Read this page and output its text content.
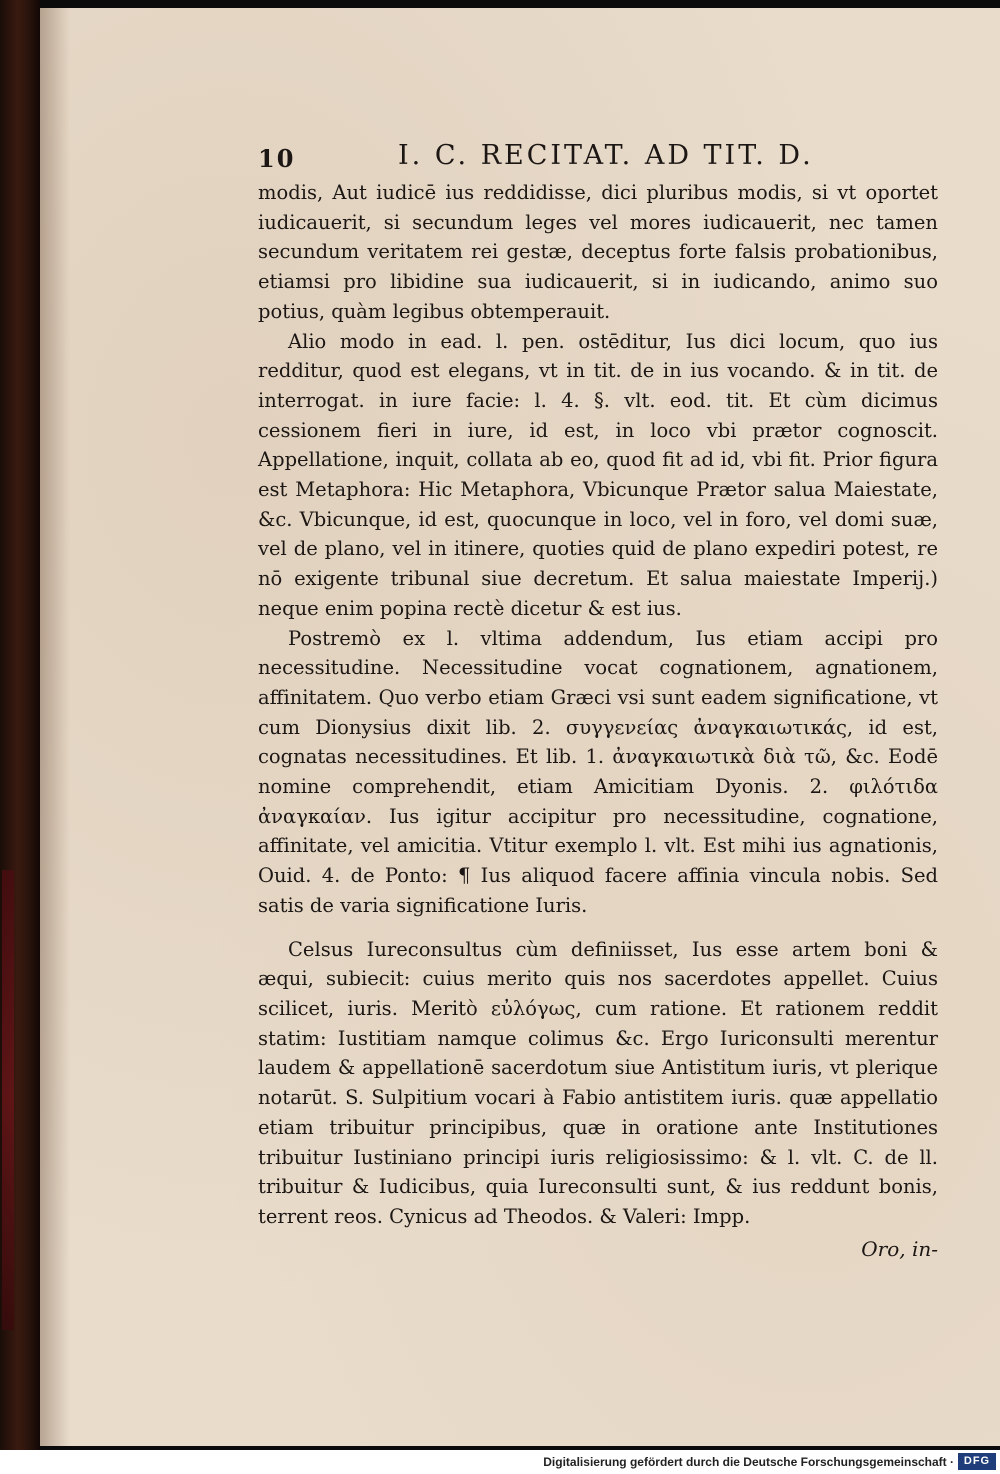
10	I. C. RECITAT. AD TIT. D.

modis, Aut iudicē ius reddidisse, dici pluribus modis, si vt oportet iudicauerit, si secundum leges vel mores iudicauerit, nec tamen secundum veritatem rei gestæ, deceptus forte falsis probationibus, etiamsi pro libidine sua iudicauerit, si in iudicando, animo suo potius, quàm legibus obtemperauit.

Alio modo in ead. l. pen. ostēditur, Ius dici locum, quo ius redditur, quod est elegans, vt in tit. de in ius vocando. & in tit. de interrogat. in iure facie: l. 4. §. vlt. eod. tit. Et cùm dicimus cessionem fieri in iure, id est, in loco vbi prætor cognoscit. Appellatione, inquit, collata ab eo, quod fit ad id, vbi fit. Prior figura est Metaphora: Hic Metaphora, Vbicunque Prætor salua Maiestate, &c. Vbicunque, id est, quocunque in loco, vel in foro, vel domi suæ, vel de plano, vel in itinere, quoties quid de plano expediri potest, re nō exigente tribunal siue decretum. Et salua maiestate Imperij.) neque enim popina rectè dicetur & est ius.

Postremò ex l. vltima addendum, Ius etiam accipi pro necessitudine. Necessitudine vocat cognationem, agnationem, affinitatem. Quo verbo etiam Græci vsi sunt eadem significatione, vt cum Dionysius dixit lib. 2. συγγενείας ἀναγκαιωτικάς, id est, cognatas necessitudines. Et lib. 1. ἀναγκαιωτικὰ διὰ τῶ, &c. Eodē nomine comprehendit, etiam Amicitiam Dyonis. 2. φιλότιδα ἀναγκαίαν. Ius igitur accipitur pro necessitudine, cognatione, affinitate, vel amicitia. Vtitur exemplo l. vlt. Est mihi ius agnationis, Ouid. 4. de Ponto: ¶ Ius aliquod facere affinia vincula nobis. Sed satis de varia significatione Iuris.

Celsus Iureconsultus cùm definiisset, Ius esse artem boni & æqui, subiecit: cuius merito quis nos sacerdotes appellet. Cuius scilicet, iuris. Meritò εὐλόγως, cum ratione. Et rationem reddit statim: Iustitiam namque colimus &c. Ergo Iuriconsulti merentur laudem & appellationē sacerdotum siue Antistitum iuris, vt plerique notarūt. S. Sulpitium vocari à Fabio antistitem iuris. quæ appellatio etiam tribuitur principibus, quæ in oratione ante Institutiones tribuitur Iustiniano principi iuris religiosissimo: & l. vlt. C. de ll. tribuitur & Iudicibus, quia Iureconsulti sunt, & ius reddunt bonis, terrent reos. Cynicus ad Theodos. & Valeri: Impp.

Oro, in-
Digitalisierung gefördert durch die Deutsche Forschungsgemeinschaft · DFG
